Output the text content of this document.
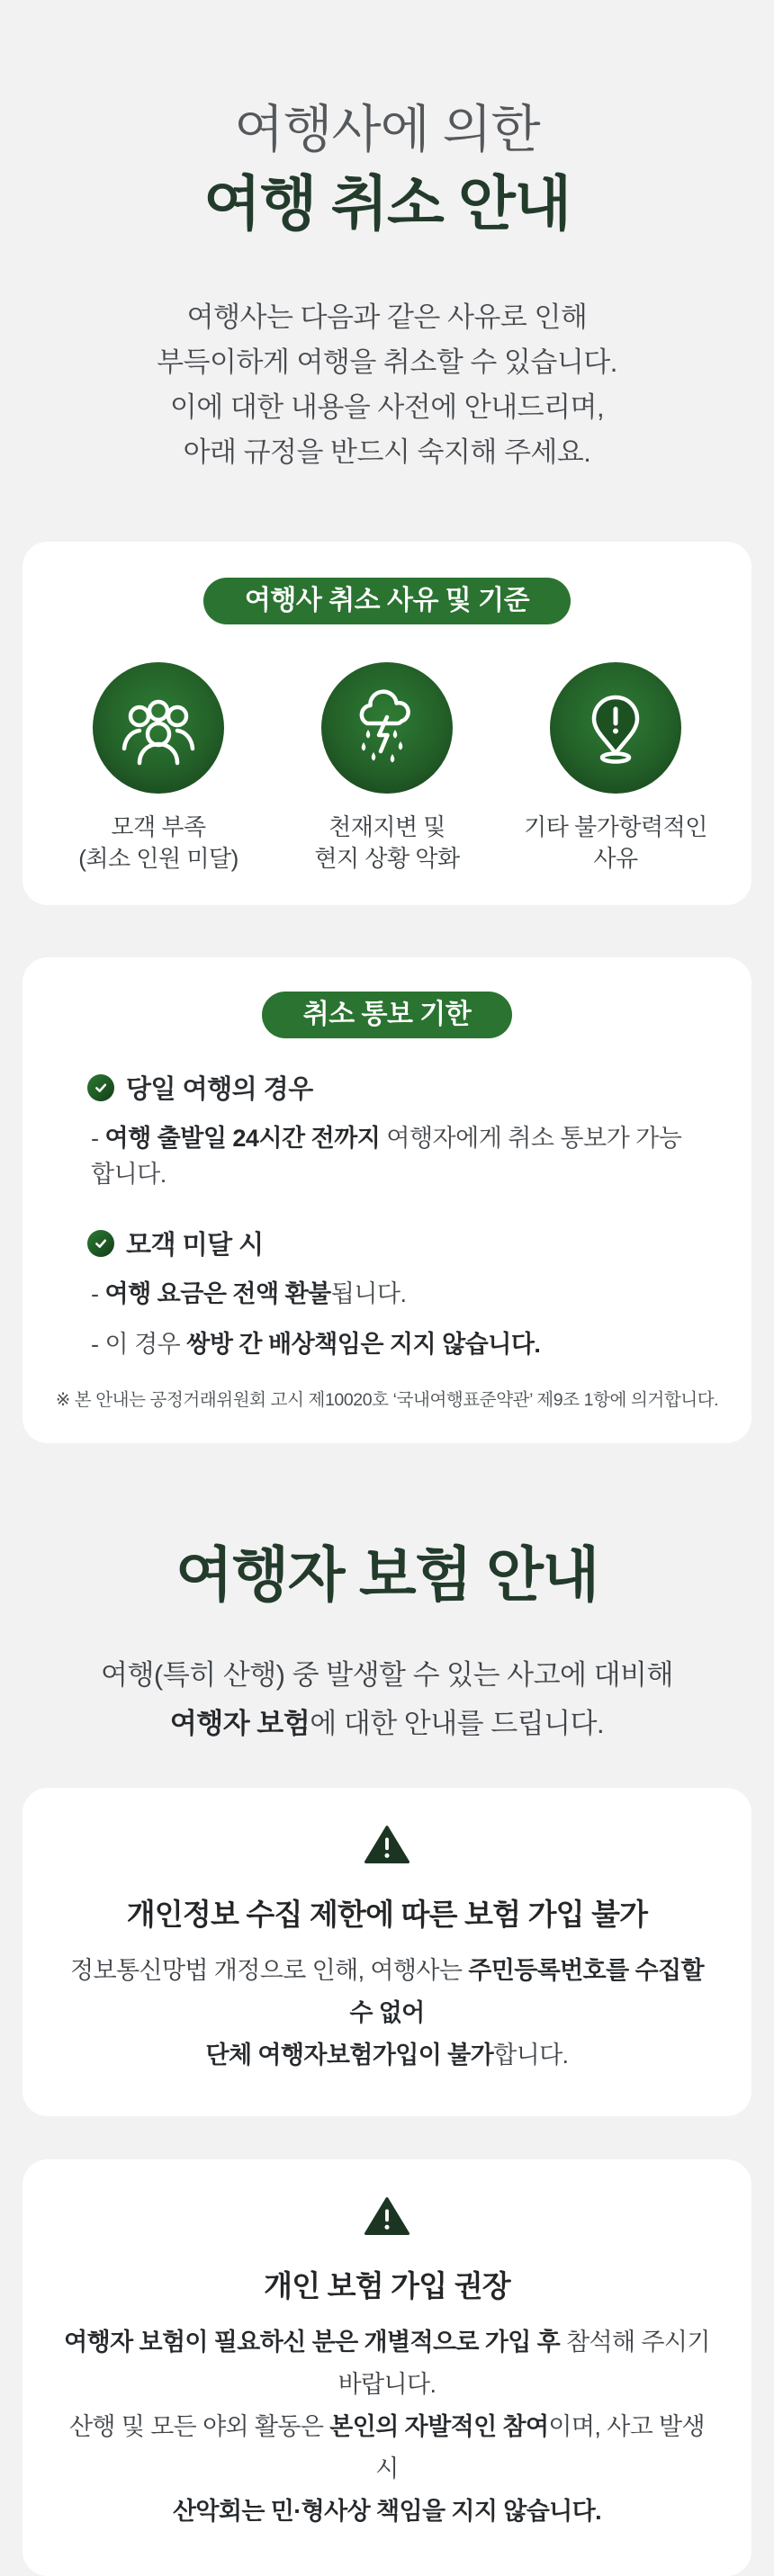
여행사에 의한
여행 취소 안내
여행사는 다음과 같은 사유로 인해
부득이하게 여행을 취소할 수 있습니다.
이에 대한 내용을 사전에 안내드리며,
아래 규정을 반드시 숙지해 주세요.
여행사 취소 사유 및 기준
모객 부족
(최소 인원 미달)
천재지변 및
현지 상황 악화
기타 불가항력적인
사유
취소 통보 기한
당일 여행의 경우
- 여행 출발일 24시간 전까지 여행자에게 취소 통보가 가능합니다.
모객 미달 시
- 여행 요금은 전액 환불됩니다.
- 이 경우 쌍방 간 배상책임은 지지 않습니다.
※ 본 안내는 공정거래위원회 고시 제10020호 ‘국내여행표준약관’ 제9조 1항에 의거합니다.
여행자 보험 안내
여행(특히 산행) 중 발생할 수 있는 사고에 대비해
여행자 보험에 대한 안내를 드립니다.
개인정보 수집 제한에 따른 보험 가입 불가
정보통신망법 개정으로 인해, 여행사는 주민등록번호를 수집할 수 없어
단체 여행자보험가입이 불가합니다.
개인 보험 가입 권장
여행자 보험이 필요하신 분은 개별적으로 가입 후 참석해 주시기 바랍니다.
산행 및 모든 야외 활동은 본인의 자발적인 참여이며, 사고 발생 시
산악회는 민·형사상 책임을 지지 않습니다.
